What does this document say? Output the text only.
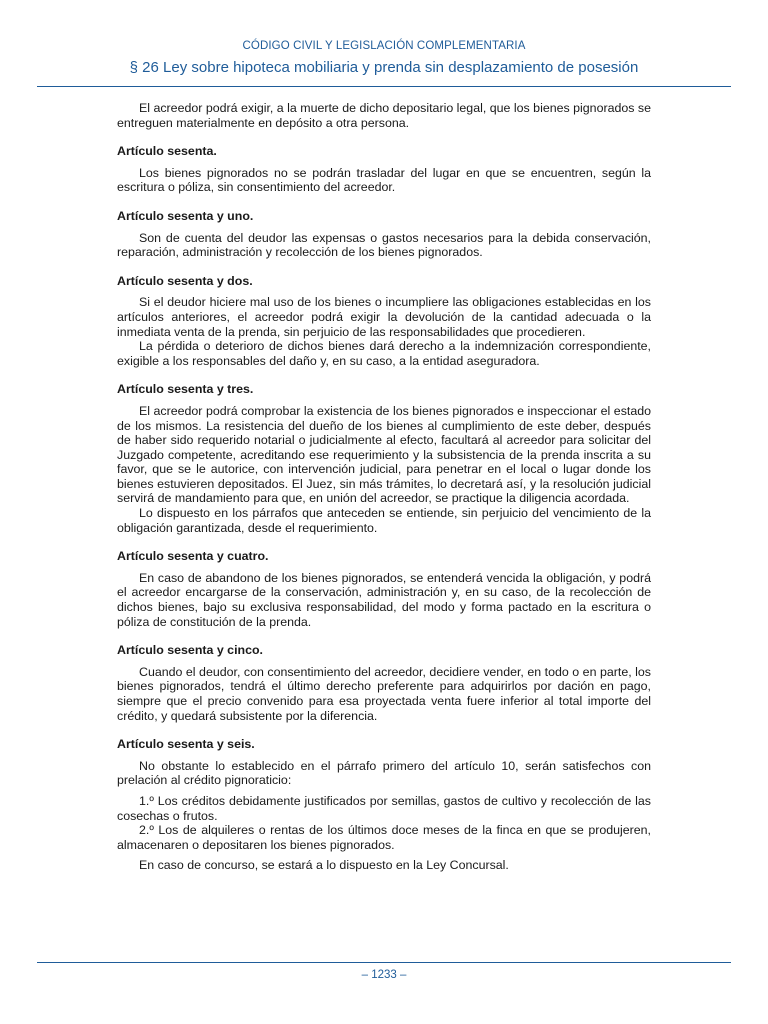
CÓDIGO CIVIL Y LEGISLACIÓN COMPLEMENTARIA
§ 26 Ley sobre hipoteca mobiliaria y prenda sin desplazamiento de posesión

El acreedor podrá exigir, a la muerte de dicho depositario legal, que los bienes pignorados se entreguen materialmente en depósito a otra persona.

Artículo sesenta.

Los bienes pignorados no se podrán trasladar del lugar en que se encuentren, según la escritura o póliza, sin consentimiento del acreedor.

Artículo sesenta y uno.

Son de cuenta del deudor las expensas o gastos necesarios para la debida conservación, reparación, administración y recolección de los bienes pignorados.

Artículo sesenta y dos.

Si el deudor hiciere mal uso de los bienes o incumpliere las obligaciones establecidas en los artículos anteriores, el acreedor podrá exigir la devolución de la cantidad adecuada o la inmediata venta de la prenda, sin perjuicio de las responsabilidades que procedieren.

La pérdida o deterioro de dichos bienes dará derecho a la indemnización correspondiente, exigible a los responsables del daño y, en su caso, a la entidad aseguradora.

Artículo sesenta y tres.

El acreedor podrá comprobar la existencia de los bienes pignorados e inspeccionar el estado de los mismos. La resistencia del dueño de los bienes al cumplimiento de este deber, después de haber sido requerido notarial o judicialmente al efecto, facultará al acreedor para solicitar del Juzgado competente, acreditando ese requerimiento y la subsistencia de la prenda inscrita a su favor, que se le autorice, con intervención judicial, para penetrar en el local o lugar donde los bienes estuvieren depositados. El Juez, sin más trámites, lo decretará así, y la resolución judicial servirá de mandamiento para que, en unión del acreedor, se practique la diligencia acordada.

Lo dispuesto en los párrafos que anteceden se entiende, sin perjuicio del vencimiento de la obligación garantizada, desde el requerimiento.

Artículo sesenta y cuatro.

En caso de abandono de los bienes pignorados, se entenderá vencida la obligación, y podrá el acreedor encargarse de la conservación, administración y, en su caso, de la recolección de dichos bienes, bajo su exclusiva responsabilidad, del modo y forma pactado en la escritura o póliza de constitución de la prenda.

Artículo sesenta y cinco.

Cuando el deudor, con consentimiento del acreedor, decidiere vender, en todo o en parte, los bienes pignorados, tendrá el último derecho preferente para adquirirlos por dación en pago, siempre que el precio convenido para esa proyectada venta fuere inferior al total importe del crédito, y quedará subsistente por la diferencia.

Artículo sesenta y seis.

No obstante lo establecido en el párrafo primero del artículo 10, serán satisfechos con prelación al crédito pignoraticio:

1.º Los créditos debidamente justificados por semillas, gastos de cultivo y recolección de las cosechas o frutos.

2.º Los de alquileres o rentas de los últimos doce meses de la finca en que se produjeren, almacenaren o depositaren los bienes pignorados.

En caso de concurso, se estará a lo dispuesto en la Ley Concursal.

– 1233 –
